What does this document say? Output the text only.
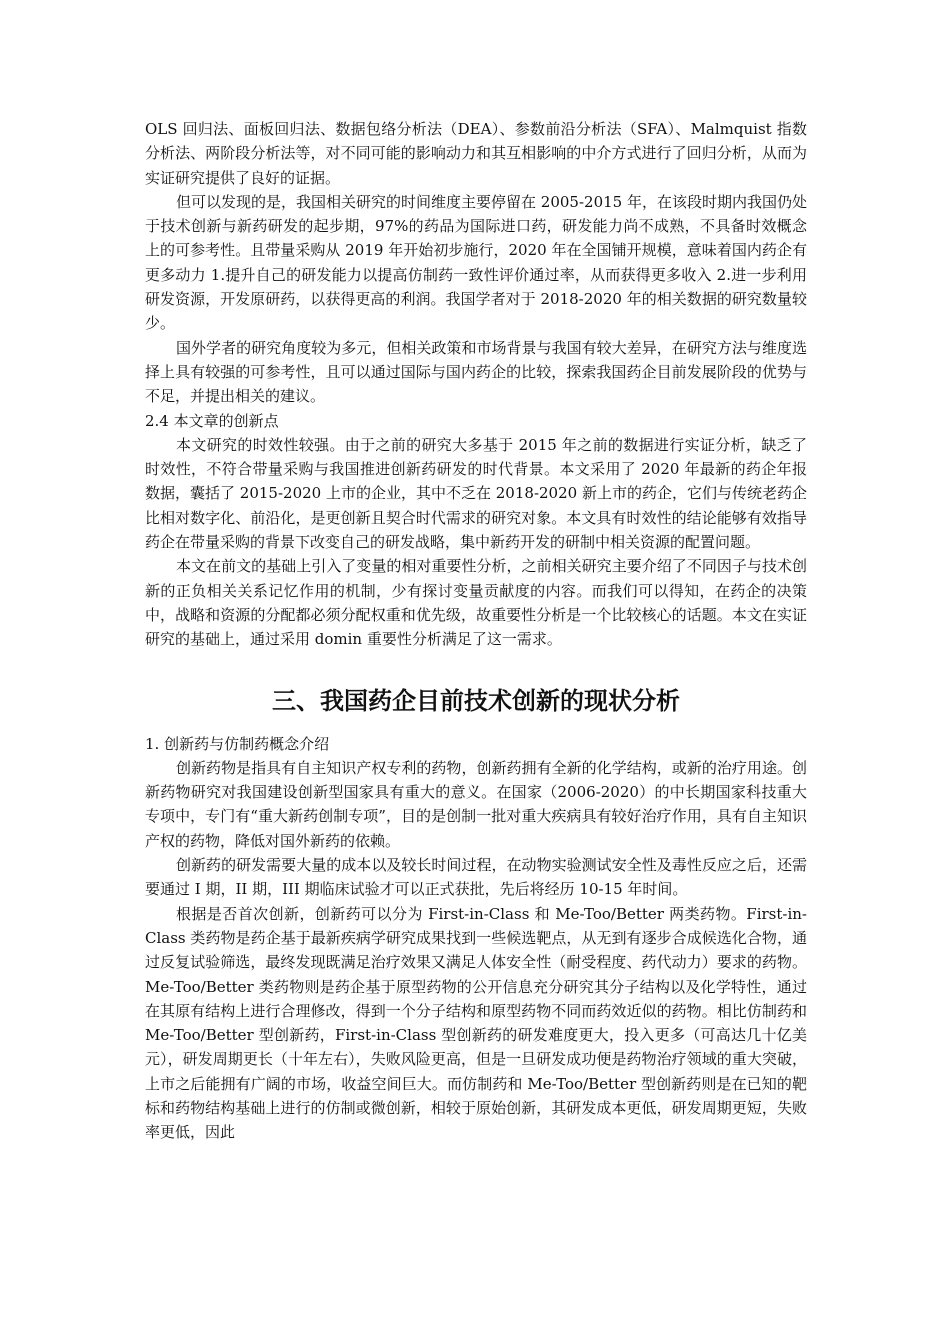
OLS 回归法、面板回归法、数据包络分析法（DEA）、参数前沿分析法（SFA）、Malmquist 指数分析法、两阶段分析法等，对不同可能的影响动力和其互相影响的中介方式进行了回归分析，从而为实证研究提供了良好的证据。

但可以发现的是，我国相关研究的时间维度主要停留在 2005-2015 年，在该段时期内我国仍处于技术创新与新药研发的起步期，97%的药品为国际进口药，研发能力尚不成熟，不具备时效概念上的可参考性。且带量采购从 2019 年开始初步施行，2020 年在全国铺开规模，意味着国内药企有更多动力 1.提升自己的研发能力以提高仿制药一致性评价通过率，从而获得更多收入 2.进一步利用研发资源，开发原研药，以获得更高的利润。我国学者对于 2018-2020 年的相关数据的研究数量较少。

国外学者的研究角度较为多元，但相关政策和市场背景与我国有较大差异，在研究方法与维度选择上具有较强的可参考性，且可以通过国际与国内药企的比较，探索我国药企目前发展阶段的优势与不足，并提出相关的建议。

2.4 本文章的创新点

本文研究的时效性较强。由于之前的研究大多基于 2015 年之前的数据进行实证分析，缺乏了时效性，不符合带量采购与我国推进创新药研发的时代背景。本文采用了 2020 年最新的药企年报数据，囊括了 2015-2020 上市的企业，其中不乏在 2018-2020 新上市的药企，它们与传统老药企比相对数字化、前沿化，是更创新且契合时代需求的研究对象。本文具有时效性的结论能够有效指导药企在带量采购的背景下改变自己的研发战略，集中新药开发的研制中相关资源的配置问题。

本文在前文的基础上引入了变量的相对重要性分析，之前相关研究主要介绍了不同因子与技术创新的正负相关关系记忆作用的机制，少有探讨变量贡献度的内容。而我们可以得知，在药企的决策中，战略和资源的分配都必须分配权重和优先级，故重要性分析是一个比较核心的话题。本文在实证研究的基础上，通过采用 domin 重要性分析满足了这一需求。

三、我国药企目前技术创新的现状分析

1. 创新药与仿制药概念介绍

创新药物是指具有自主知识产权专利的药物，创新药拥有全新的化学结构，或新的治疗用途。创新药物研究对我国建设创新型国家具有重大的意义。在国家（2006-2020）的中长期国家科技重大专项中，专门有“重大新药创制专项”，目的是创制一批对重大疾病具有较好治疗作用，具有自主知识产权的药物，降低对国外新药的依赖。

创新药的研发需要大量的成本以及较长时间过程，在动物实验测试安全性及毒性反应之后，还需要通过 I 期，II 期，III 期临床试验才可以正式获批，先后将经历 10-15 年时间。

根据是否首次创新，创新药可以分为 First-in-Class 和 Me-Too/Better 两类药物。First-in-Class 类药物是药企基于最新疾病学研究成果找到一些候选靶点，从无到有逐步合成候选化合物，通过反复试验筛选，最终发现既满足治疗效果又满足人体安全性（耐受程度、药代动力）要求的药物。Me-Too/Better 类药物则是药企基于原型药物的公开信息充分研究其分子结构以及化学特性，通过在其原有结构上进行合理修改，得到一个分子结构和原型药物不同而药效近似的药物。相比仿制药和 Me-Too/Better 型创新药，First-in-Class 型创新药的研发难度更大，投入更多（可高达几十亿美元），研发周期更长（十年左右），失败风险更高，但是一旦研发成功便是药物治疗领域的重大突破，上市之后能拥有广阔的市场，收益空间巨大。而仿制药和 Me-Too/Better 型创新药则是在已知的靶标和药物结构基础上进行的仿制或微创新，相较于原始创新，其研发成本更低，研发周期更短，失败率更低，因此
